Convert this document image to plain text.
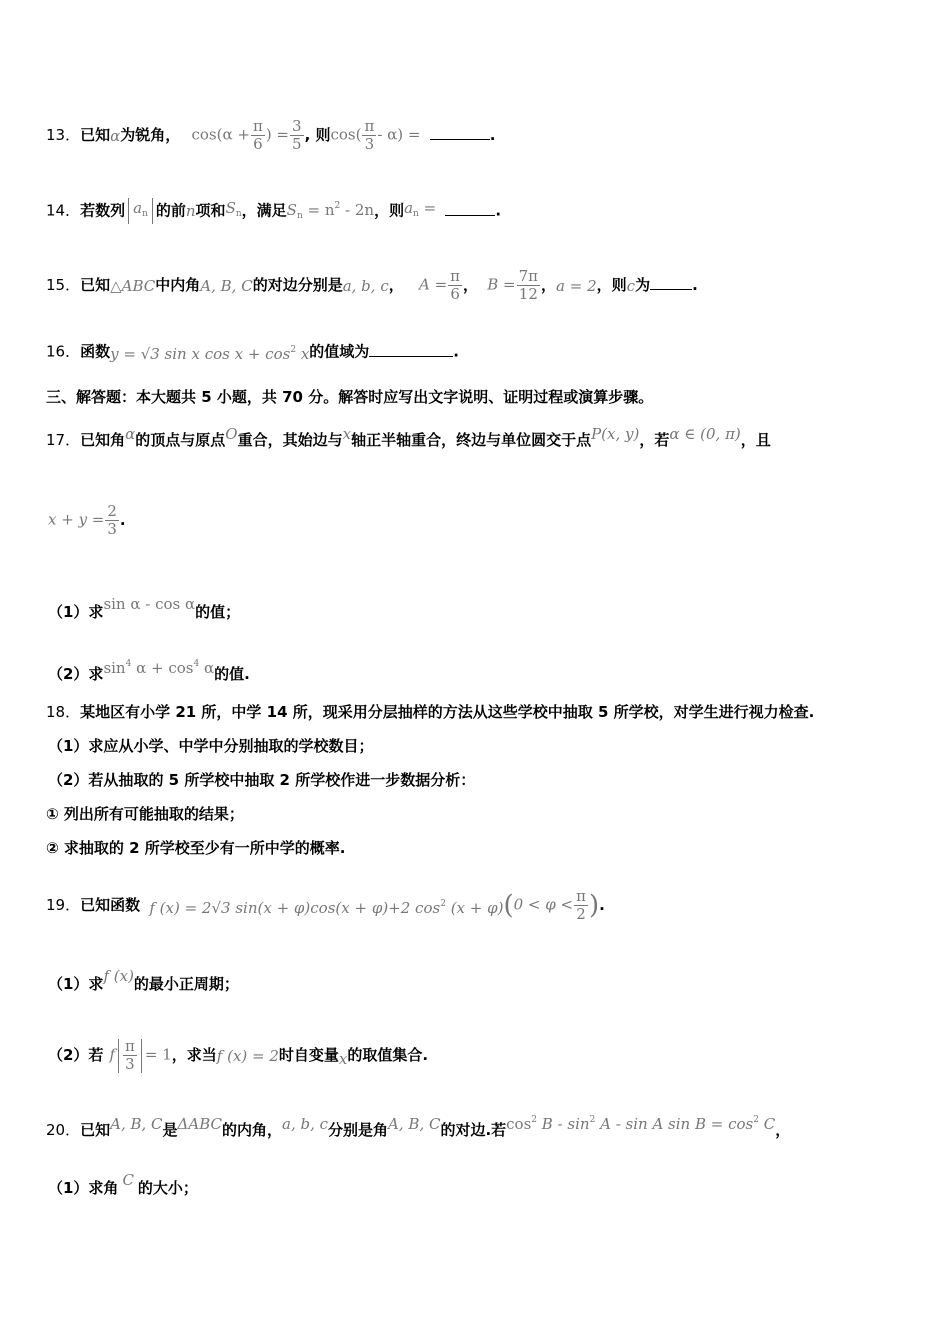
13．已知α为锐角， $\cos(\alpha + \frac{\pi}{6}$ ) = $\frac{3}{5}$ , 则$\cos( \frac{\pi}{3} - \alpha)$ =	.
14．若数列 $a_n$ 的前n项和$S_n$，满足$S_n = n^2 - 2n$，则$a_n$ =	.
15．已知△ABC中内角A, B, C的对边分别是a, b, c， $A = \frac{\pi}{6}$ ， $B = \frac{7\pi}{12}$ ，a = 2，则c为	.
16．函数y = √3 sin x $\cos x + \cos^2 x$的值域为	.
三、解答题：本大题共 5 小题，共 70 分。解答时应写出文字说明、证明过程或演算步骤。
17．已知角α的顶点与原点O重合，其始边与x轴正半轴重合，终边与单位圆交于点P(x, y)，若α ∈ (0, π)，且
$x + y = \frac{2}{3}$ .
（1）求sin α - cos α的值；
（2）求$\sin^4 \alpha + \cos^4 \alpha$的值.
18．某地区有小学 21 所，中学 14 所，现采用分层抽样的方法从这些学校中抽取 5 所学校，对学生进行视力检查.
（1）求应从小学、中学中分别抽取的学校数目；
（2）若从抽取的 5 所学校中抽取 2 所学校作进一步数据分析：
① 列出所有可能抽取的结果；
② 求抽取的 2 所学校至少有一所中学的概率.
19．已知函数 f (x) = 2√3 sin(x + φ)cos(x + φ)+2 $\cos^2 (x + \varphi)(0 < \varphi < \frac{\pi}{2}$ ).
（1）求f (x)的最小正周期；
（2）若 f $\frac{\pi}{3} = 1$，求当f (x) = 2时自变量x的取值集合.
20．已知A, B, C是ΔABC的内角，a, b, c分别是角A, B, C的对边.若$\cos^2 B - \sin^2 A$ - sin A $\sin B = \cos^2 C$，
（1）求角 C 的大小；
